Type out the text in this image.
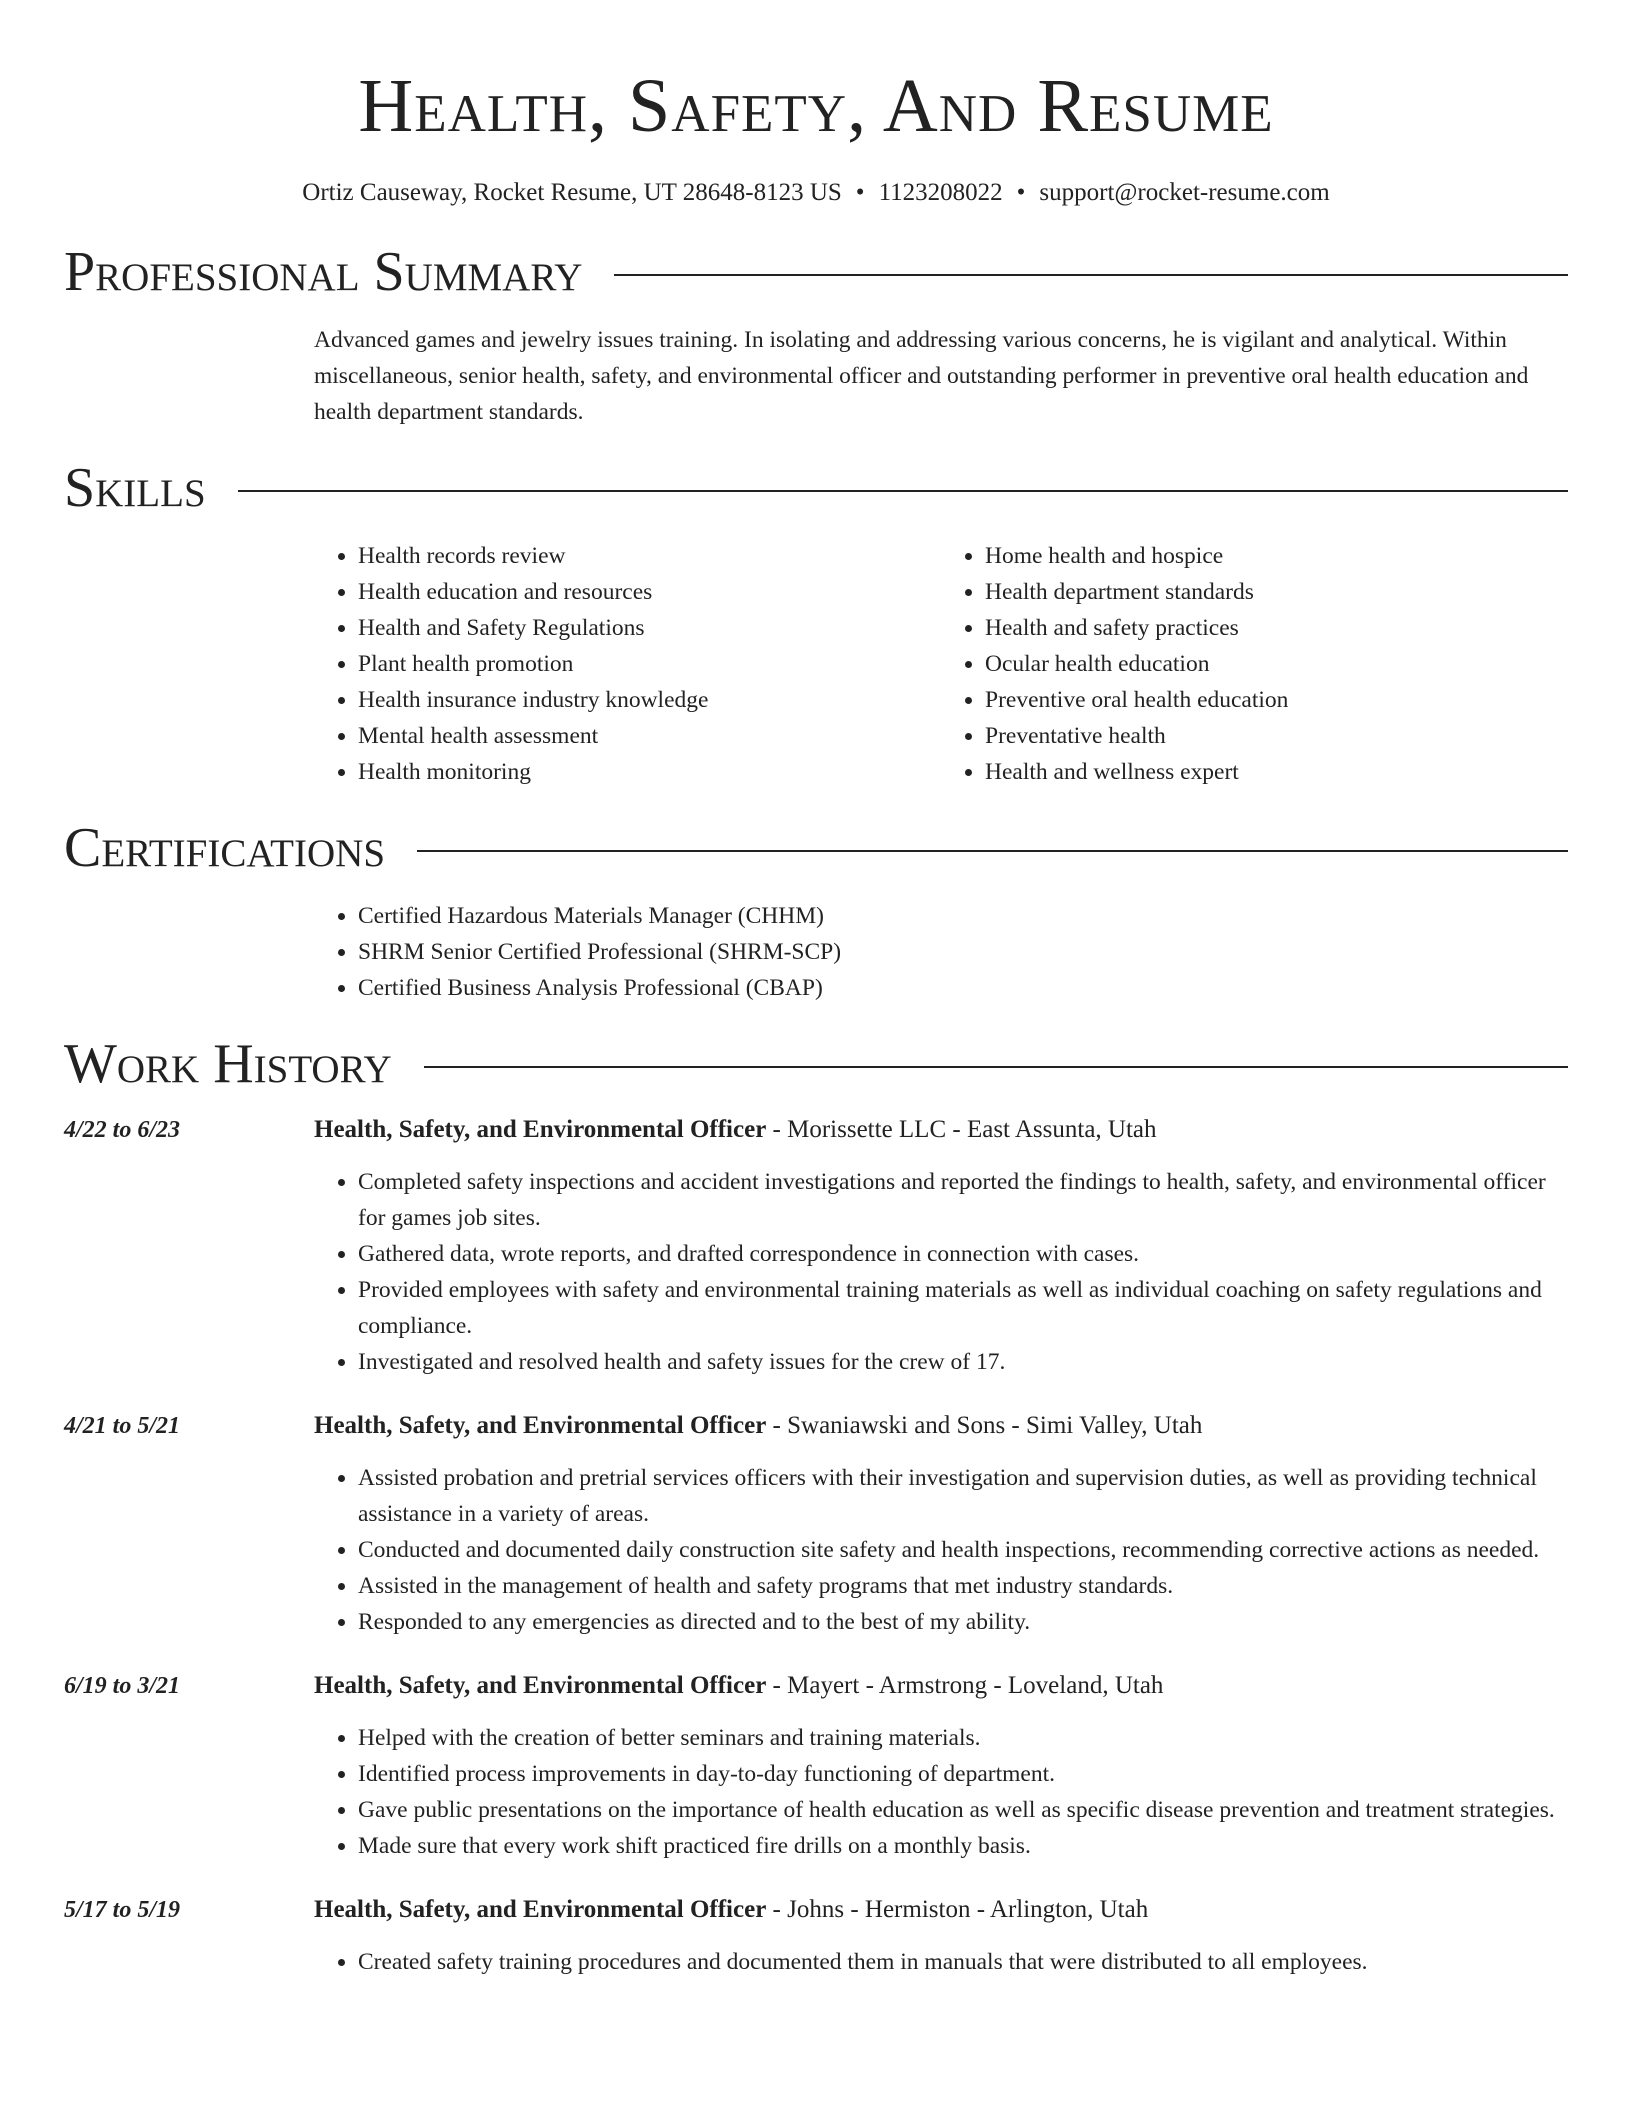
Health, Safety, And Resume
Ortiz Causeway, Rocket Resume, UT 28648-8123 US • 1123208022 • support@rocket-resume.com
Professional Summary
Advanced games and jewelry issues training. In isolating and addressing various concerns, he is vigilant and analytical. Within miscellaneous, senior health, safety, and environmental officer and outstanding performer in preventive oral health education and health department standards.
Skills
• Health records review
• Health education and resources
• Health and Safety Regulations
• Plant health promotion
• Health insurance industry knowledge
• Mental health assessment
• Health monitoring
• Home health and hospice
• Health department standards
• Health and safety practices
• Ocular health education
• Preventive oral health education
• Preventative health
• Health and wellness expert
Certifications
• Certified Hazardous Materials Manager (CHHM)
• SHRM Senior Certified Professional (SHRM-SCP)
• Certified Business Analysis Professional (CBAP)
Work History
4/22 to 6/23	Health, Safety, and Environmental Officer - Morissette LLC - East Assunta, Utah
• Completed safety inspections and accident investigations and reported the findings to health, safety, and environmental officer for games job sites.
• Gathered data, wrote reports, and drafted correspondence in connection with cases.
• Provided employees with safety and environmental training materials as well as individual coaching on safety regulations and compliance.
• Investigated and resolved health and safety issues for the crew of 17.
4/21 to 5/21	Health, Safety, and Environmental Officer - Swaniawski and Sons - Simi Valley, Utah
• Assisted probation and pretrial services officers with their investigation and supervision duties, as well as providing technical assistance in a variety of areas.
• Conducted and documented daily construction site safety and health inspections, recommending corrective actions as needed.
• Assisted in the management of health and safety programs that met industry standards.
• Responded to any emergencies as directed and to the best of my ability.
6/19 to 3/21	Health, Safety, and Environmental Officer - Mayert - Armstrong - Loveland, Utah
• Helped with the creation of better seminars and training materials.
• Identified process improvements in day-to-day functioning of department.
• Gave public presentations on the importance of health education as well as specific disease prevention and treatment strategies.
• Made sure that every work shift practiced fire drills on a monthly basis.
5/17 to 5/19	Health, Safety, and Environmental Officer - Johns - Hermiston - Arlington, Utah
• Created safety training procedures and documented them in manuals that were distributed to all employees.
